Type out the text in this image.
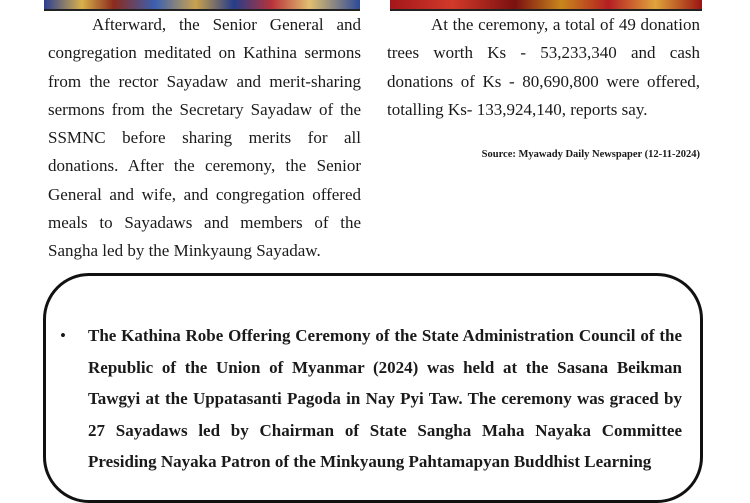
Afterward, the Senior General and congregation meditated on Kathina sermons from the rector Sayadaw and merit-sharing sermons from the Secretary Sayadaw of the SSMNC before sharing merits for all donations. After the ceremony, the Senior General and wife, and congregation offered meals to Sayadaws and members of the Sangha led by the Minkyaung Sayadaw.

At the ceremony, a total of 49 donation trees worth Ks - 53,233,340 and cash donations of Ks - 80,690,800 were offered, totalling Ks- 133,924,140, reports say.

Source: Myawady Daily Newspaper (12-11-2024)
• The Kathina Robe Offering Ceremony of the State Administration Council of the Republic of the Union of Myanmar (2024) was held at the Sasana Beikman Tawgyi at the Uppatasanti Pagoda in Nay Pyi Taw. The ceremony was graced by 27 Sayadaws led by Chairman of State Sangha Maha Nayaka Committee Presiding Nayaka Patron of the Minkyaung Pahtamapyan Buddhist Learning
